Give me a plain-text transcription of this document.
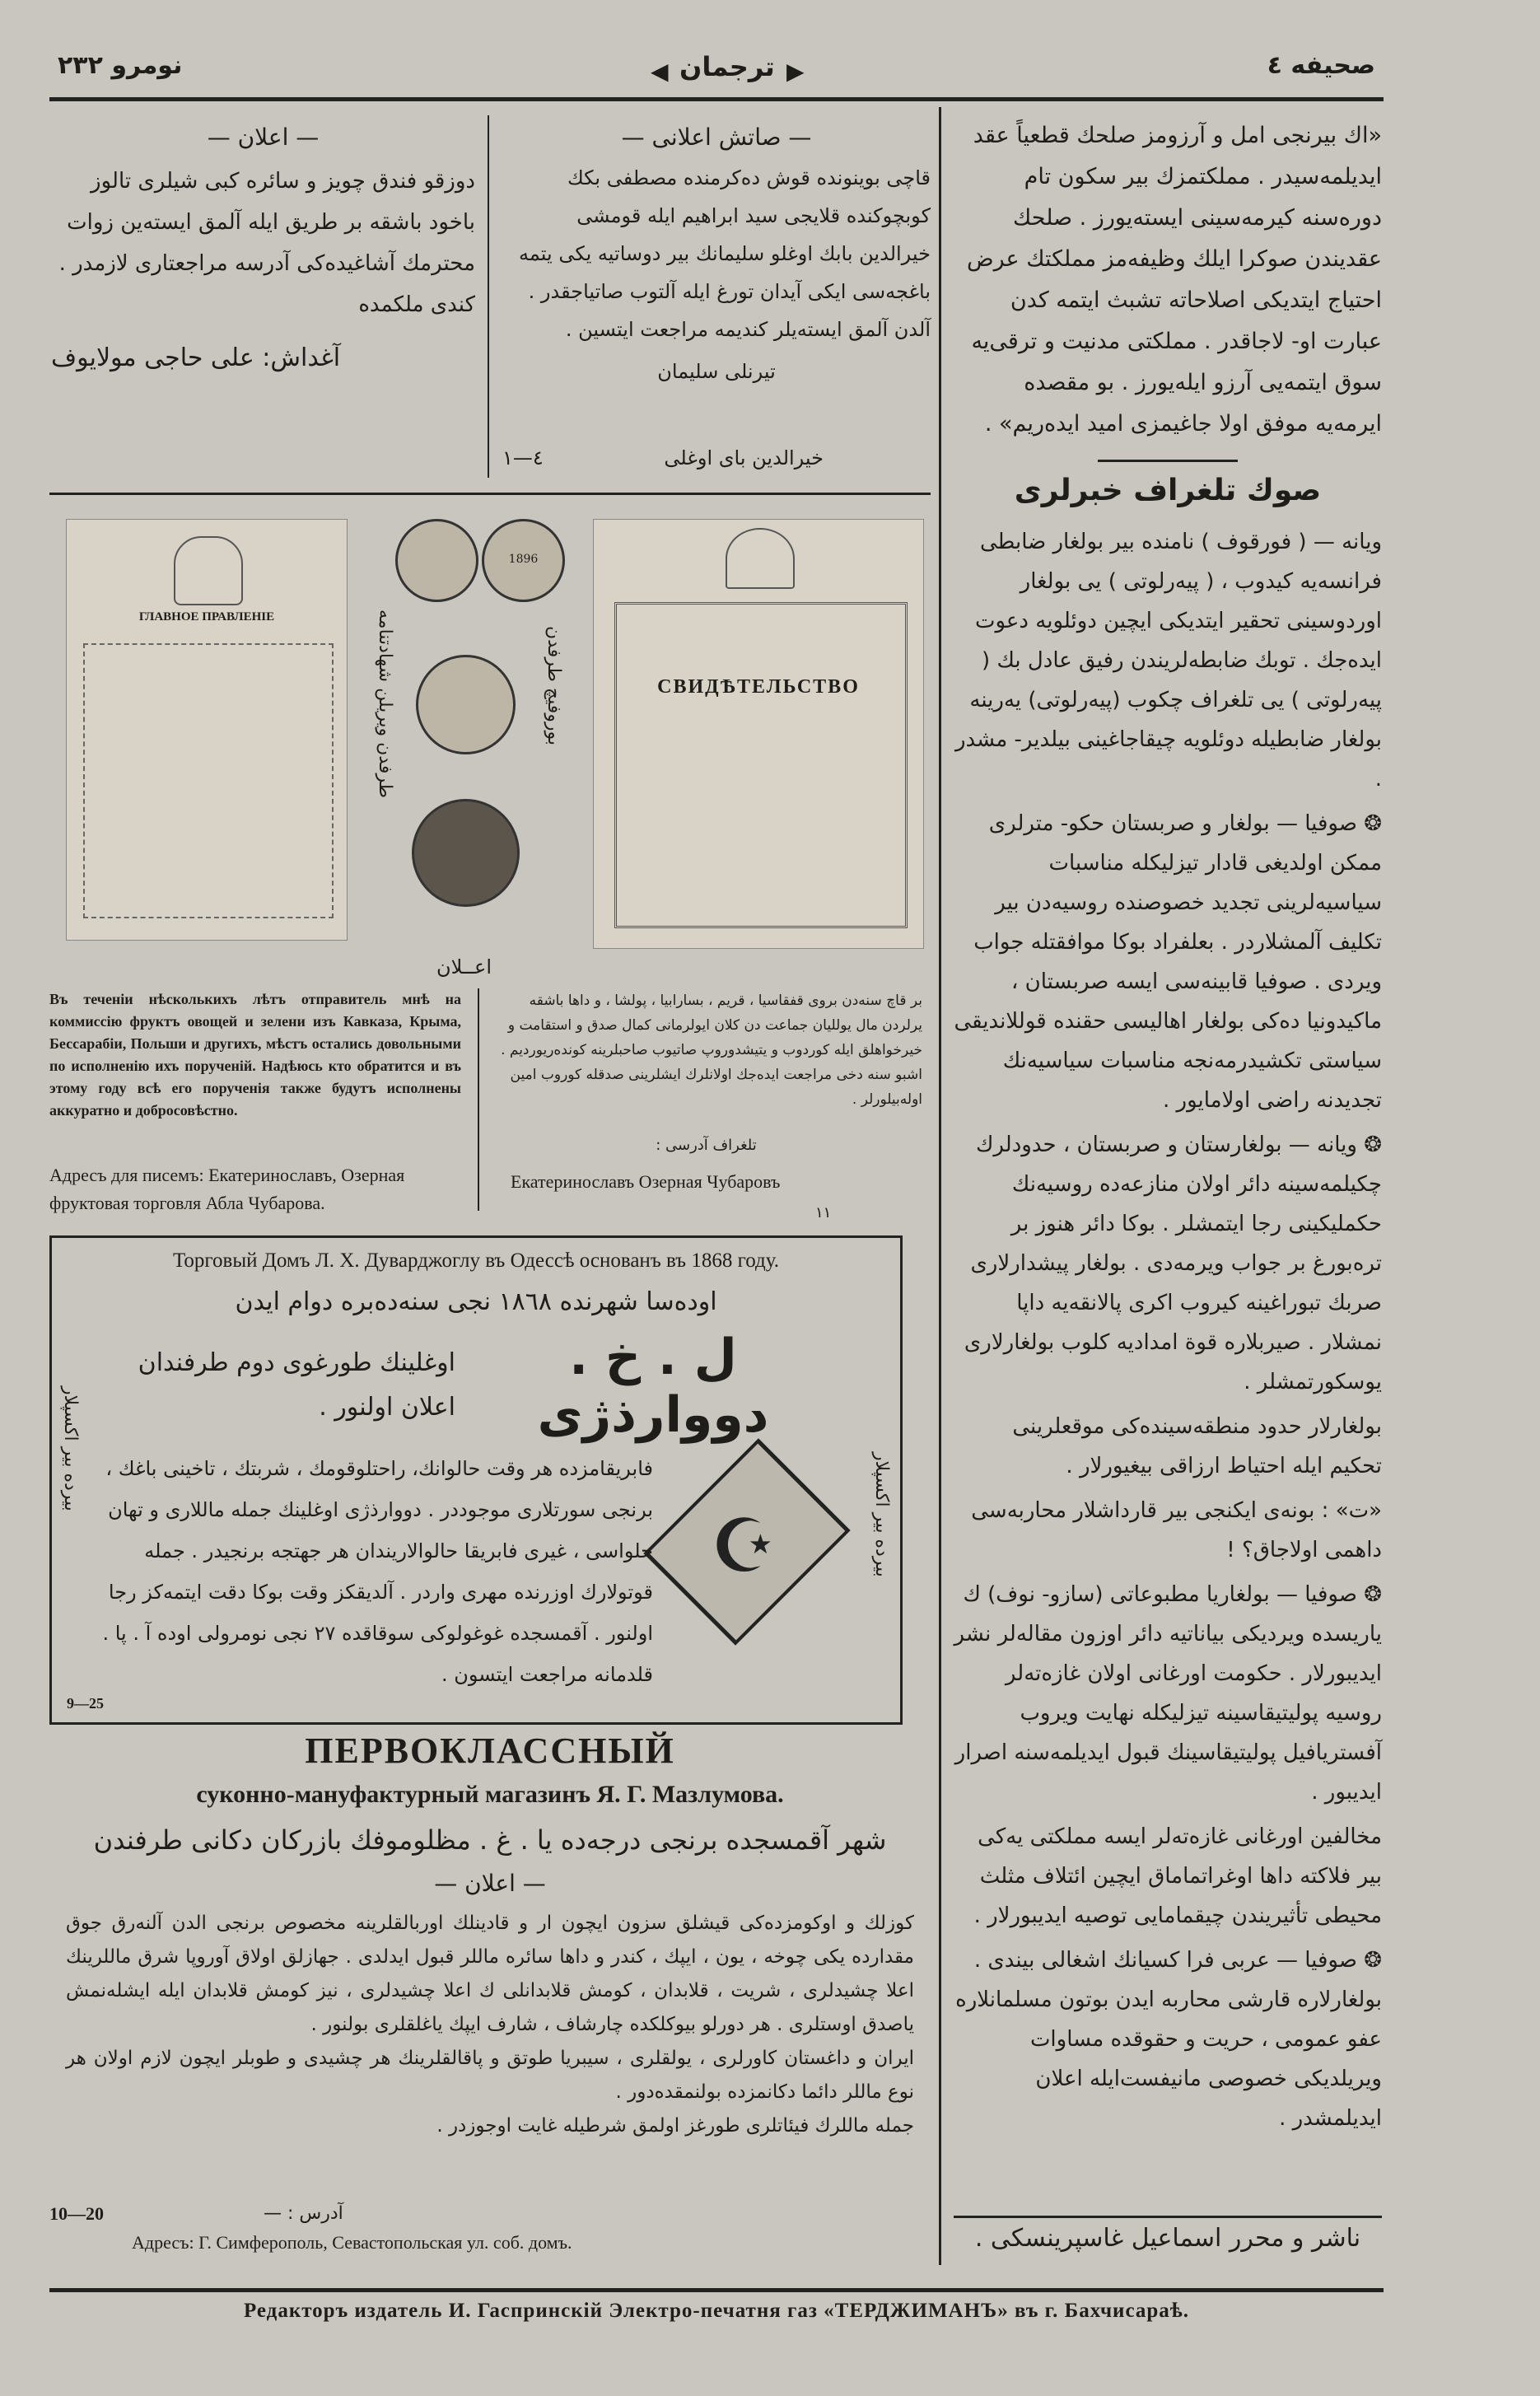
نومرو ٢٣٢	ترجمان
◀	▶	صحیفه ٤

«اك بیرنجی امل و آرزومز صلحك قطعیاً عقد ایدیلمه‌سیدر . مملکتمزك بیر سکون تام دوره‌سنه کیرمه‌سینی ایسته‌یورز . صلحك عقدیندن صوکرا ایلك وظیفه‌مز مملکتك عرض احتیاج ایتدیکی اصلاحاته تشبث ایتمه کدن عبارت او- لاجاقدر . مملکتی مدنیت و ترقی‌یه سوق ایتمه‌یی آرزو ایله‌یورز . بو مقصده ایرمه‌یه موفق اولا جاغیمزی امید ایده‌ریم» .

صوك تلغراف خبرلری

ویانه — ( فورقوف ) نامنده بیر بولغار ضابطی فرانسه‌یه کیدوب ، ( پیه‌رلوتی ) یی بولغار اوردوسینی تحقیر ایتدیکی ایچین دوئلویه دعوت ایده‌جك . توبك ضابطه‌لریندن رفیق عادل بك ( پیه‌رلوتی ) یی تلغراف چکوب (پیه‌رلوتی) یه‌رینه بولغار ضابطیله دوئلویه چیقاجاغینی بیلدیر- مشدر .

❂ صوفیا — بولغار و صربستان حکو- مترلری ممکن اولدیغی قادار تیزلیکله مناسبات سیاسیه‌لرینی تجدید خصوصنده روسیه‌دن بیر تکلیف آلمشلاردر . بعلفراد بوکا موافقتله جواب ویردی . صوفیا قابینه‌سی ایسه صربستان ، ماکیدونیا ده‌کی بولغار اهالیسی حقنده قوللاندیقی سیاستی تکشیدرمه‌نجه مناسبات سیاسیه‌نك تجدیدنه راضی اولامایور .

❂ ویانه — بولغارستان و صربستان ، حدودلرك چکیلمه‌سینه دائر اولان منازعه‌ده روسیه‌نك حکملیکینی رجا ایتمشلر . بوکا دائر هنوز بر تره‌بورغ بر جواب ویرمه‌دی . بولغار پیشدارلاری صربك تبوراغینه کیروب اکری پالانقه‌یه داپا نمشلار . صیربلاره قوة امدادیه کلوب بولغارلاری یوسکورتمشلر .

بولغارلار حدود منطقه‌سینده‌کی موقعلرینی تحکیم ایله احتیاط ارزاقی بیغیورلار .

«ت» : بونه‌ی ایکنجی بیر قارداشلار محاربه‌سی داهمی اولاجاق؟ !

❂ صوفیا — بولغاریا مطبوعاتی (سازو- نوف) ك یاریسده ویردیکی بیاناتیه دائر اوزون مقاله‌لر نشر ایدیبورلار . حکومت اورغانی اولان غازه‌ته‌لر روسیه پولیتیقاسینه تیزلیکله نهایت ویروب آفستریافیل پولیتیقاسینك قبول ایدیلمه‌سنه اصرار ایدیبور .

مخالفین اورغانی غازه‌ته‌لر ایسه مملکتی یه‌کی بیر فلاکته داها اوغراتماماق ایچین ائتلاف مثلث محیطی تأثیریندن چیقمامایی توصیه ایدیبورلار .

❂ صوفیا — عربی فرا کسیانك اشغالی بیندی . بولغارلاره قارشی محاربه ایدن بوتون مسلمانلاره عفو عمومی ، حریت و حقوقده مساوات ویریلدیکی خصوصی مانیفست‌ایله اعلان ایدیلمشدر .

ناشر و محرر اسماعیل غاسپرینسکی .
— اعلان —
دوزقو فندق چویز و سائره کبی شیلری تالوز باخود باشقه بر طریق ایله آلمق ایسته‌ین زوات محترمك آشاغیده‌کی آدرسه مراجعتاری لازمدر . کندی ملکمده
آغداش: علی حاجی مولایوف
— صاتش اعلانی —
قاچی بوینونده قوش ده‌کرمنده مصطفی بکك کوبچوکنده قلایجی سید ابراهیم ایله قومشی خیرالدین بابك اوغلو سلیمانك بیر دوساتیه یکی یتمه باغجه‌سی ایکی آیدان تورغ ایله آلتوب صاتیاجقدر . آلدن آلمق ایسته‌یلر کندیمه مراجعت ایتسین .
تیرنلی سلیمان
خیرالدین بای اوغلی
٤—١
ГЛАВНОЕ ПРАВЛЕНІЕ	طرفدن ویریلن شهادتنامه
1896
بوروفیچ طرفدن	СВИДѢТЕЛЬСТВО
اعــلان
Въ теченіи нѣсколькихъ лѣтъ отправитель мнѣ на коммиссію фруктъ овощей и зелени изъ Кавказа, Крыма, Бессарабіи, Польши и другихъ, мѣстъ остались довольными по исполненію ихъ порученій. Надѣюсь кто обратится и въ этому году всѣ его порученія также будутъ исполнены аккуратно и добросовѣстно.
Адресъ для писемъ: Екатеринославъ, Озерная фруктовая торговля Абла Чубарова.
بر قاچ سنه‌دن بروی قفقاسیا ، قریم ، بسارابیا ، پولشا ، و داها باشقه یرلردن مال یوللیان جماعت دن کلان ایولرمانی کمال صدق و استقامت و خیرخواهلق ایله کوردوب و یتیشدوروپ صاتیوب صاحبلرینه کونده‌ریوردیم . اشبو سنه دخی مراجعت ایده‌جك اولانلرك ایشلرینی صدقله کوروب امین اوله‌بیلورلر .
تلغراف آدرسی :
Екатеринославъ Озерная Чубаровъ
١١
Торговый Домъ Л. Х. Дуварджоглу въ Одессѣ основанъ въ 1868 году.
اوده‌سا شهرنده ١٨٦٨ نجی سنه‌ده‌بره دوام ایدن
ل . خ . دووارذژی
اوغلینك طورغوی دوم طرفندان اعلان اولنور .
بیرده بیر اکسپلار
بیرده بیر اکسپلار
☪
فابریقامزده هر وقت حالوانك، راحتلوقومك ، شربتك ، تاخینی باغك ، برنجی سورتلاری موجوددر . دووارذژی اوغلینك جمله ماللاری و تهان حلواسی ، غیری فابریقا حالوالاریندان هر جهتجه برنجیدر . جمله قوتولارك اوزرنده مهری واردر . آلدیقکز وقت بوکا دقت ایتمه‌کز رجا اولنور . آقمسجده غوغولوکی سوقاقده ٢٧ نجی نومرولی اوده آ . پا . قلدمانه مراجعت ایتسون .
9—25
ПЕРВОКЛАССНЫЙ
суконно-мануфактурный магазинъ Я. Г. Мазлумова.
شهر آقمسجده برنجی درجه‌ده یا . غ . مظلوموفك بازرکان دکانی طرفندن
— اعلان —
کوزلك و اوکومزده‌کی قیشلق سزون ایچون ار و قادینلك اوربالقلرینه مخصوص برنجی الدن آلنه‌رق جوق مقدارده یکی چوخه ، یون ، ایپك ، کندر و داها سائره ماللر قبول ایدلدی . جهازلق اولاق آوروپا شرق ماللرینك اعلا چشیدلری ، شریت ، قلابدان ، کومش قلابدانلی ك اعلا چشیدلری ، نیز کومش قلابدان ایله ایشله‌نمش یاصدق اوستلری . هر دورلو بیوکلکده چارشاف ، شارف ایپك یاغلقلری بولنور .
ایران و داغستان کاورلری ، یولقلری ، سیبریا طوتق و پاقالقلرینك هر چشیدی و طوبلر ایچون لازم اولان هر نوع ماللر دائما دکانمزده بولنمقده‌دور .
جمله ماللرك فیئاتلری طورغز اولمق شرطیله غایت اوجوزدر .
10—20	آدرس : —
Адресъ: Г. Симферополь, Севастопольская ул. соб. домъ.
Редакторъ издатель И. Гаспринскій Электро-печатня газ «ТЕРДЖИМАНЪ» въ г. Бахчисараѣ.
